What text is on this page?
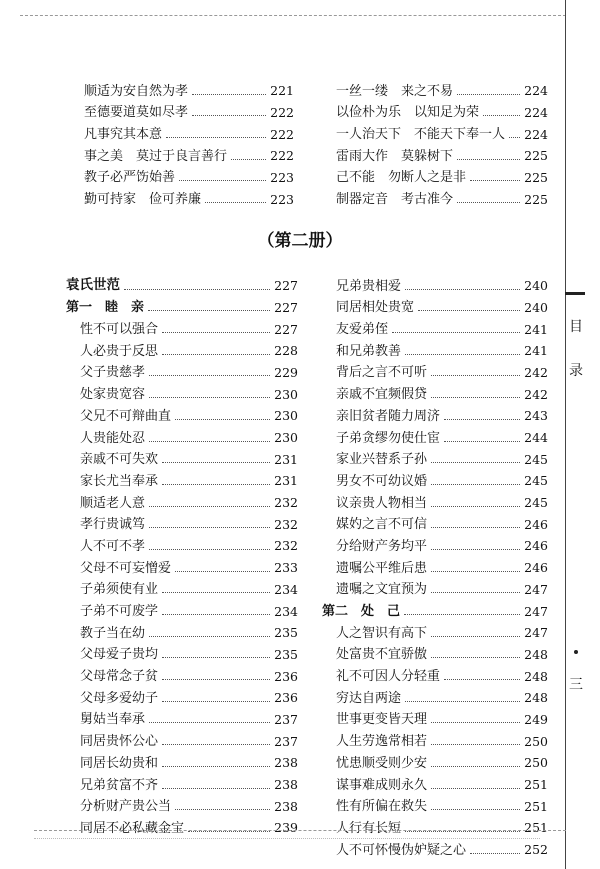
顺适为安自然为孝	221
至德要道莫如尽孝	222
凡事究其本意	222
事之美　莫过于良言善行	222
教子必严饬始善	223
勤可持家　俭可养廉	223
一丝一缕　来之不易	224
以俭朴为乐　以知足为荣	224
一人治天下　不能天下奉一人 224
雷雨大作　莫躲树下	225
己不能　勿断人之是非	225
制器定音　考古准今	225
（第二册）
袁氏世范	227
第一　睦　亲	227
性不可以强合	227
人必贵于反思	228
父子贵慈孝	229
处家贵宽容	230
父兄不可辩曲直	230
人贵能处忍	230
亲戚不可失欢	231
家长尤当奉承	231
顺适老人意	232
孝行贵诚笃	232
人不可不孝	232
父母不可妄憎爱	233
子弟须使有业	234
子弟不可废学	234
教子当在幼	235
父母爱子贵均	235
父母常念子贫	236
父母多爱幼子	236
舅姑当奉承	237
同居贵怀公心	237
同居长幼贵和	238
兄弟贫富不齐	238
分析财产贵公当	238
同居不必私藏金宝	239
兄弟贵相爱	240
同居相处贵宽	240
友爱弟侄	241
和兄弟教善	241
背后之言不可听	242
亲戚不宜频假贷	242
亲旧贫者随力周济	243
子弟贪缪勿使仕宦	244
家业兴替系子孙	245
男女不可幼议婚	245
议亲贵人物相当	245
媒妁之言不可信	246
分给财产务均平	246
遗嘱公平维后患	246
遗嘱之文宜预为	247
第二　处　己	247
人之智识有高下	247
处富贵不宜骄傲	248
礼不可因人分轻重	248
穷达自两途	248
世事更变皆天理	249
人生劳逸常相若	250
忧患顺受则少安	250
谋事难成则永久	251
性有所偏在救失	251
人行有长短	251
人不可怀慢伪妒疑之心	252
目
录
三
